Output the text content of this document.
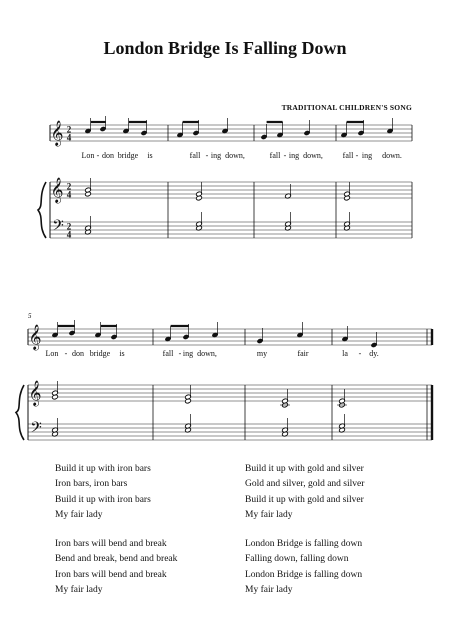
London Bridge Is Falling Down
TRADITIONAL CHILDREN'S SONG
𝄞
𝄞
𝄢
2
4
2
4
2
4
Lon - don bridge is	fall - ing down,	fall - ing down, fall - ing down.
5
𝄞
𝄞
𝄢
Lon - don bridge is	fall - ing down,	my	fair	la - dy.
Build it up with iron bars
Iron bars, iron bars
Build it up with iron bars
My fair lady
Iron bars will bend and break
Bend and break, bend and break
Iron bars will bend and break
My fair lady
Build it up with gold and silver
Gold and silver, gold and silver
Build it up with gold and silver
My fair lady
London Bridge is falling down
Falling down, falling down
London Bridge is falling down
My fair lady
